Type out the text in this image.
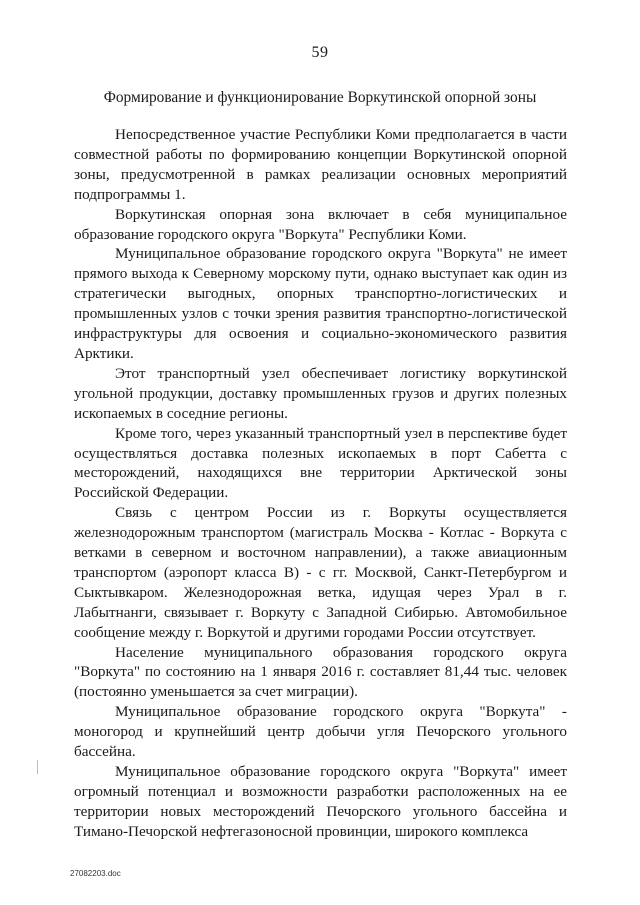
59
Формирование и функционирование Воркутинской опорной зоны

Непосредственное участие Республики Коми предполагается в части совместной работы по формированию концепции Воркутинской опорной зоны, предусмотренной в рамках реализации основных мероприятий подпрограммы 1.

Воркутинская опорная зона включает в себя муниципальное образование городского округа "Воркута" Республики Коми.

Муниципальное образование городского округа "Воркута" не имеет прямого выхода к Северному морскому пути, однако выступает как один из стратегически выгодных, опорных транспортно-логистических и промышленных узлов с точки зрения развития транспортно-логистической инфраструктуры для освоения и социально-экономического развития Арктики.

Этот транспортный узел обеспечивает логистику воркутинской угольной продукции, доставку промышленных грузов и других полезных ископаемых в соседние регионы.

Кроме того, через указанный транспортный узел в перспективе будет осуществляться доставка полезных ископаемых в порт Сабетта с месторождений, находящихся вне территории Арктической зоны Российской Федерации.

Связь с центром России из г. Воркуты осуществляется железнодорожным транспортом (магистраль Москва - Котлас - Воркута с ветками в северном и восточном направлении), а также авиационным транспортом (аэропорт класса В) - с гг. Москвой, Санкт-Петербургом и Сыктывкаром. Железнодорожная ветка, идущая через Урал в г. Лабытнанги, связывает г. Воркуту с Западной Сибирью. Автомобильное сообщение между г. Воркутой и другими городами России отсутствует.

Население муниципального образования городского округа "Воркута" по состоянию на 1 января 2016 г. составляет 81,44 тыс. человек (постоянно уменьшается за счет миграции).

Муниципальное образование городского округа "Воркута" - моногород и крупнейший центр добычи угля Печорского угольного бассейна.

Муниципальное образование городского округа "Воркута" имеет огромный потенциал и возможности разработки расположенных на ее территории новых месторождений Печорского угольного бассейна и Тимано-Печорской нефтегазоносной провинции, широкого комплекса

27082203.doc
